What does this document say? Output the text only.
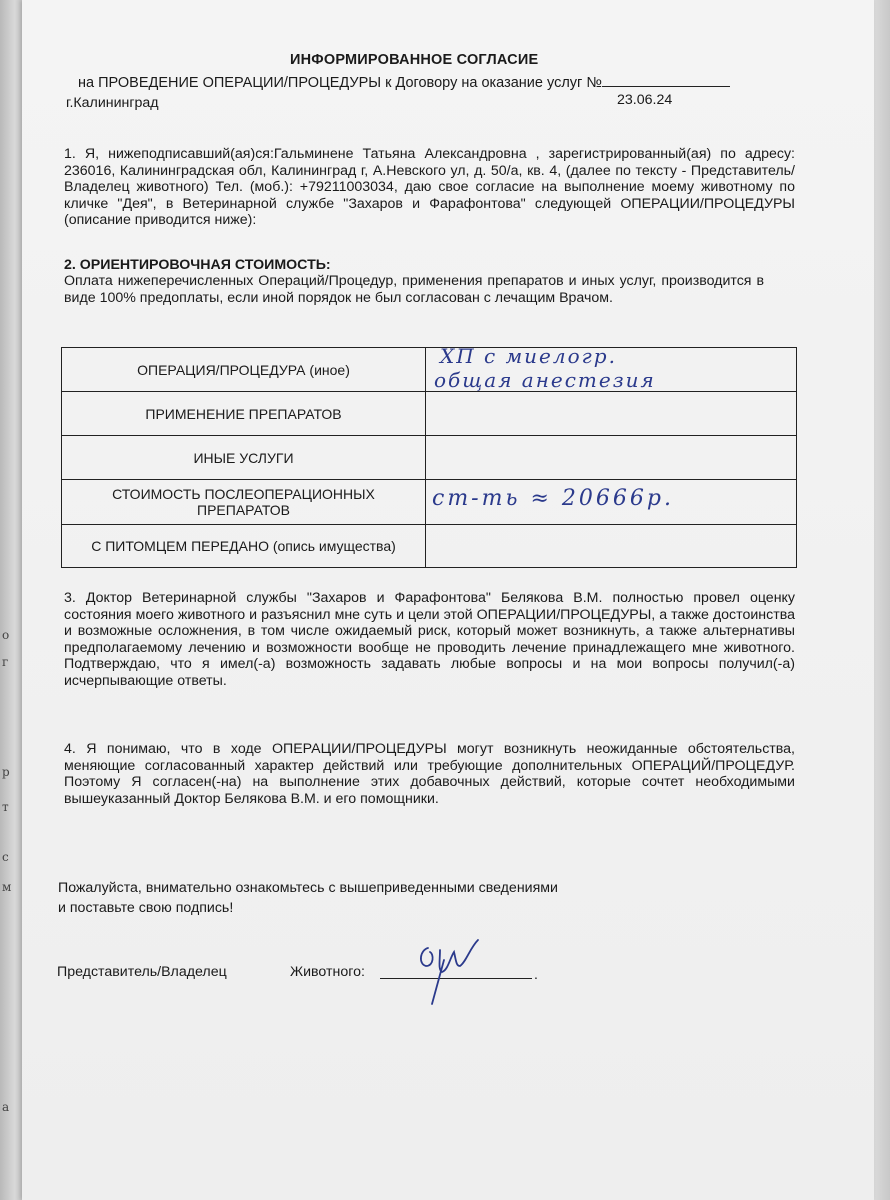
о
г
р
т
с
м
а
ИНФОРМИРОВАННОЕ СОГЛАСИЕ
на ПРОВЕДЕНИЕ ОПЕРАЦИИ/ПРОЦЕДУРЫ к Договору на оказание услуг №
г.Калининград	23.06.24
1. Я, нижеподписавший(ая)ся:Гальминене Татьяна Александровна , зарегистрированный(ая) по адресу: 236016, Калининградская обл, Калининград г, А.Невского ул, д. 50/а, кв. 4, (далее по тексту - Представитель/Владелец животного) Тел. (моб.): +79211003034, даю свое согласие на выполнение моему животному по кличке "Дея", в Ветеринарной службе "Захаров и Фарафонтова" следующей ОПЕРАЦИИ/ПРОЦЕДУРЫ (описание приводится ниже):
2. ОРИЕНТИРОВОЧНАЯ СТОИМОСТЬ:
Оплата нижеперечисленных Операций/Процедур, применения препаратов и иных услуг, производится в виде 100% предоплаты, если иной порядок не был согласован с лечащим Врачом.
ОПЕРАЦИЯ/ПРОЦЕДУРА (иное)	ХП с миелогр.
общая анестезия

ПРИМЕНЕНИЕ ПРЕПАРАТОВ	
ИНЫЕ УСЛУГИ	
СТОИМОСТЬ ПОСЛЕОПЕРАЦИОННЫХ
ПРЕПАРАТОВ	ст-ть ≈ 20666р.

С ПИТОМЦЕМ ПЕРЕДАНО (опись имущества)	
3. Доктор Ветеринарной службы "Захаров и Фарафонтова" Белякова В.М. полностью провел оценку состояния моего животного и разъяснил мне суть и цели этой ОПЕРАЦИИ/ПРОЦЕДУРЫ, а также достоинства и возможные осложнения, в том числе ожидаемый риск, который может возникнуть, а также альтернативы предполагаемому лечению и возможности вообще не проводить лечение принадлежащего мне животного. Подтверждаю, что я имел(-а) возможность задавать любые вопросы и на мои вопросы получил(-а) исчерпывающие ответы.
4. Я понимаю, что в ходе ОПЕРАЦИИ/ПРОЦЕДУРЫ могут возникнуть неожиданные обстоятельства, меняющие согласованный характер действий или требующие дополнительных ОПЕРАЦИЙ/ПРОЦЕДУР. Поэтому Я согласен(-на) на выполнение этих добавочных действий, которые сочтет необходимыми вышеуказанный Доктор Белякова В.М. и его помощники.
Пожалуйста, внимательно ознакомьтесь с вышеприведенными сведениями
и поставьте свою подпись!
Представитель/Владелец	Животного:	.
